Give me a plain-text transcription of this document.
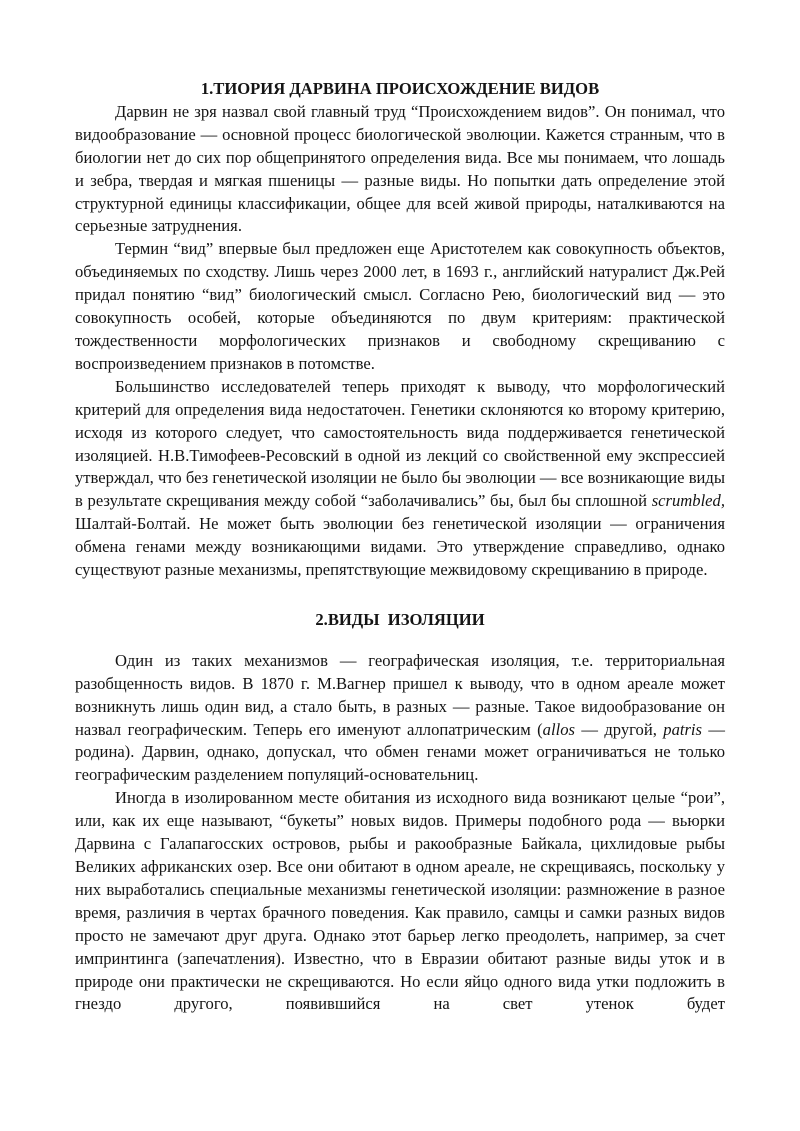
1.ТИОРИЯ ДАРВИНА ПРОИСХОЖДЕНИЕ ВИДОВ

Дарвин не зря назвал свой главный труд “Происхождением видов”. Он понимал, что видообразование — основной процесс биологической эволюции. Кажется странным, что в биологии нет до сих пор общепринятого определения вида. Все мы понимаем, что лошадь и зебра, твердая и мягкая пшеницы — разные виды. Но попытки дать определение этой структурной единицы классификации, общее для всей живой природы, наталкиваются на серьезные затруднения.

Термин “вид” впервые был предложен еще Аристотелем как совокупность объектов, объединяемых по сходству. Лишь через 2000 лет, в 1693 г., английский натуралист Дж.Рей придал понятию “вид” биологический смысл. Согласно Рею, биологический вид — это совокупность особей, которые объединяются по двум критериям: практической тождественности морфологических признаков и свободному скрещиванию с воспроизведением признаков в потомстве.

Большинство исследователей теперь приходят к выводу, что морфологический критерий для определения вида недостаточен. Генетики склоняются ко второму критерию, исходя из которого следует, что самостоятельность вида поддерживается генетической изоляцией. Н.В.Тимофеев-Ресовский в одной из лекций со свойственной ему экспрессией утверждал, что без генетической изоляции не было бы эволюции — все возникающие виды в результате скрещивания между собой “заболачивались” бы, был бы сплошной scrumbled, Шалтай-Болтай. Не может быть эволюции без генетической изоляции — ограничения обмена генами между возникающими видами. Это утверждение справедливо, однако существуют разные механизмы, препятствующие межвидовому скрещиванию в природе.

2.ВИДЫ  ИЗОЛЯЦИИ

Один из таких механизмов — географическая изоляция, т.е. территориальная разобщенность видов. В 1870 г. М.Вагнер пришел к выводу, что в одном ареале может возникнуть лишь один вид, а стало быть, в разных — разные. Такое видообразование он назвал географическим. Теперь его именуют аллопатрическим (allos — другой, patris — родина). Дарвин, однако, допускал, что обмен генами может ограничиваться не только географическим разделением популяций-основательниц.

Иногда в изолированном месте обитания из исходного вида возникают целые “рои”, или, как их еще называют, “букеты” новых видов. Примеры подобного рода — вьюрки Дарвина с Галапагосских островов, рыбы и ракообразные Байкала, цихлидовые рыбы Великих африканских озер. Все они обитают в одном ареале, не скрещиваясь, поскольку у них выработались специальные механизмы генетической изоляции: размножение в разное время, различия в чертах брачного поведения. Как правило, самцы и самки разных видов просто не замечают друг друга. Однако этот барьер легко преодолеть, например, за счет импринтинга (запечатления). Известно, что в Евразии обитают разные виды уток и в природе они практически не скрещиваются. Но если яйцо одного вида утки подложить в гнездо другого, появившийся на свет утенок будет
